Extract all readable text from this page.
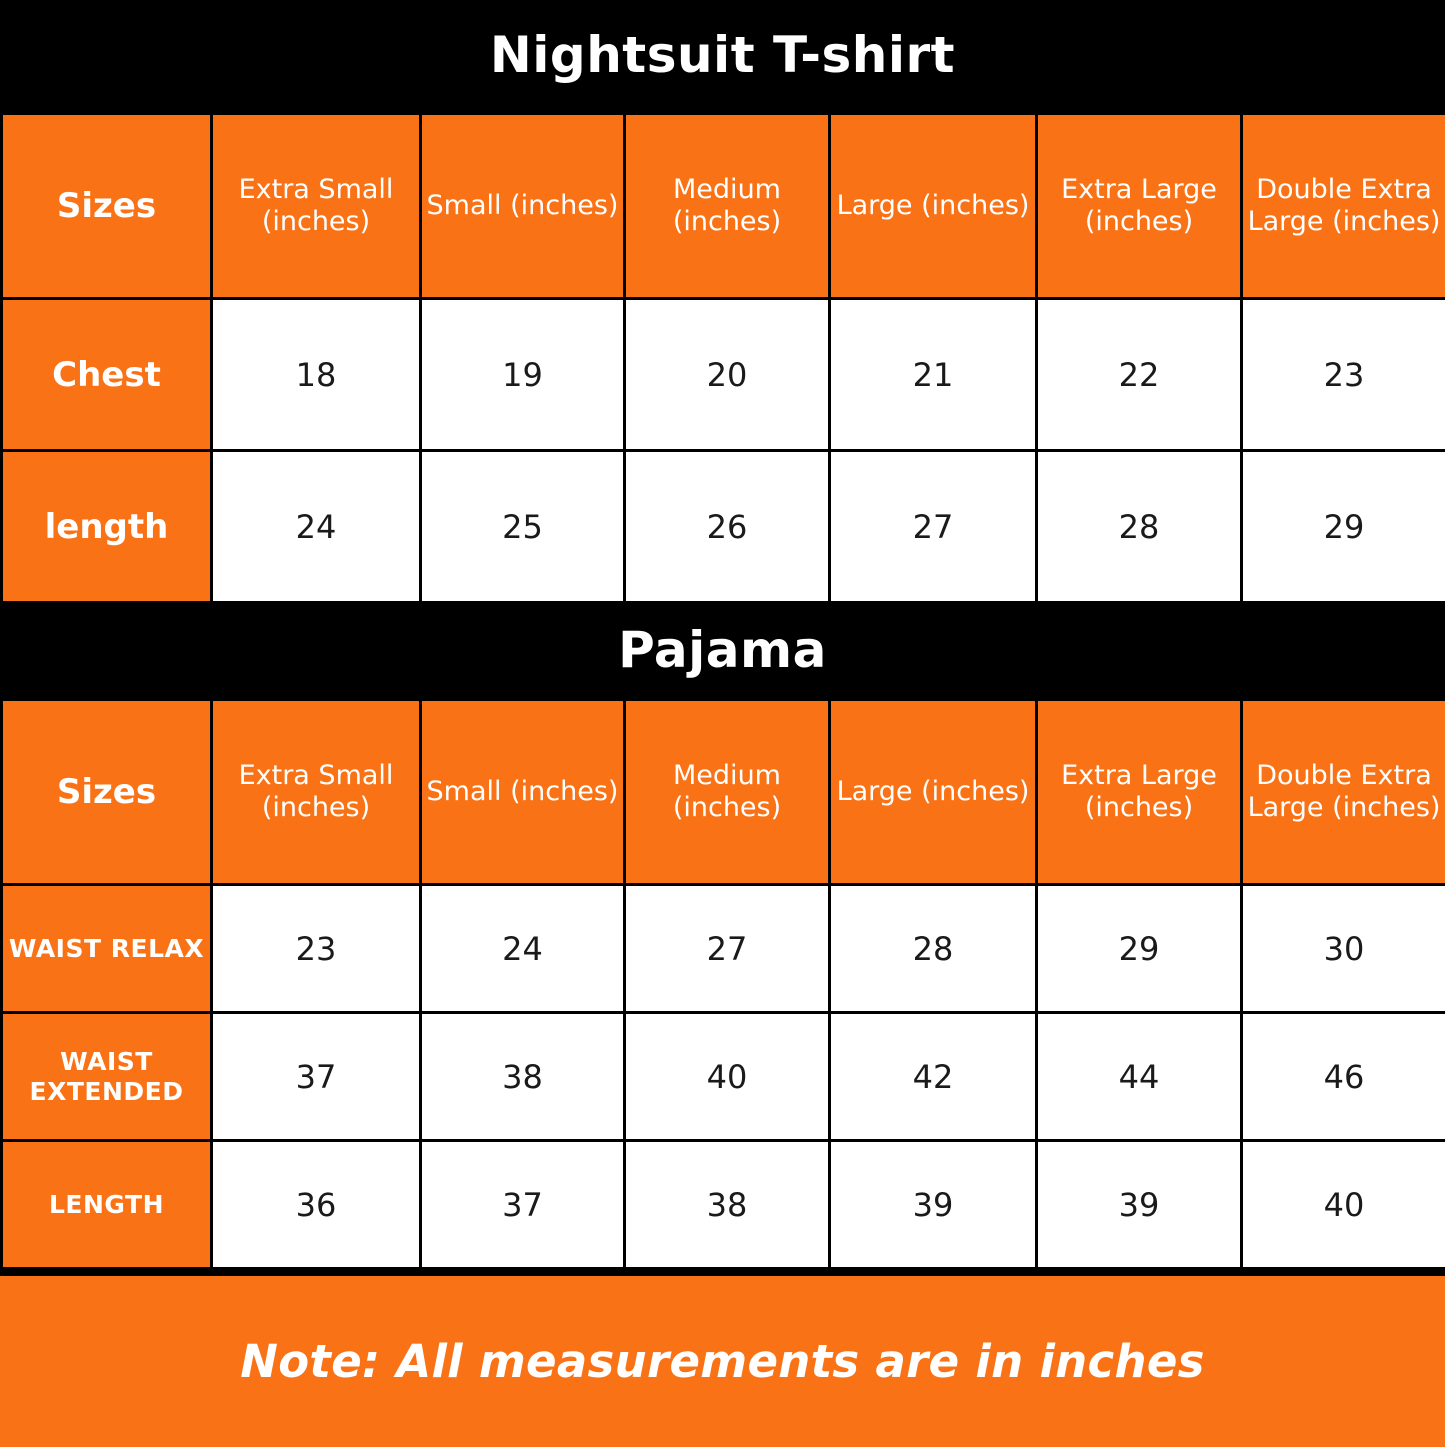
Nightsuit T-shirt
Sizes	Extra Small (inches)	Small (inches)	Medium (inches)	Large (inches)	Extra Large (inches)	Double Extra Large (inches)
Chest	18	19	20	21	22	23
length	24	25	26	27	28	29
Pajama
Sizes	Extra Small (inches)	Small (inches)	Medium (inches)	Large (inches)	Extra Large (inches)	Double Extra Large (inches)
WAIST RELAX	23	24	27	28	29	30
WAIST EXTENDED	37	38	40	42	44	46
LENGTH	36	37	38	39	39	40
Note: All measurements are in inches
